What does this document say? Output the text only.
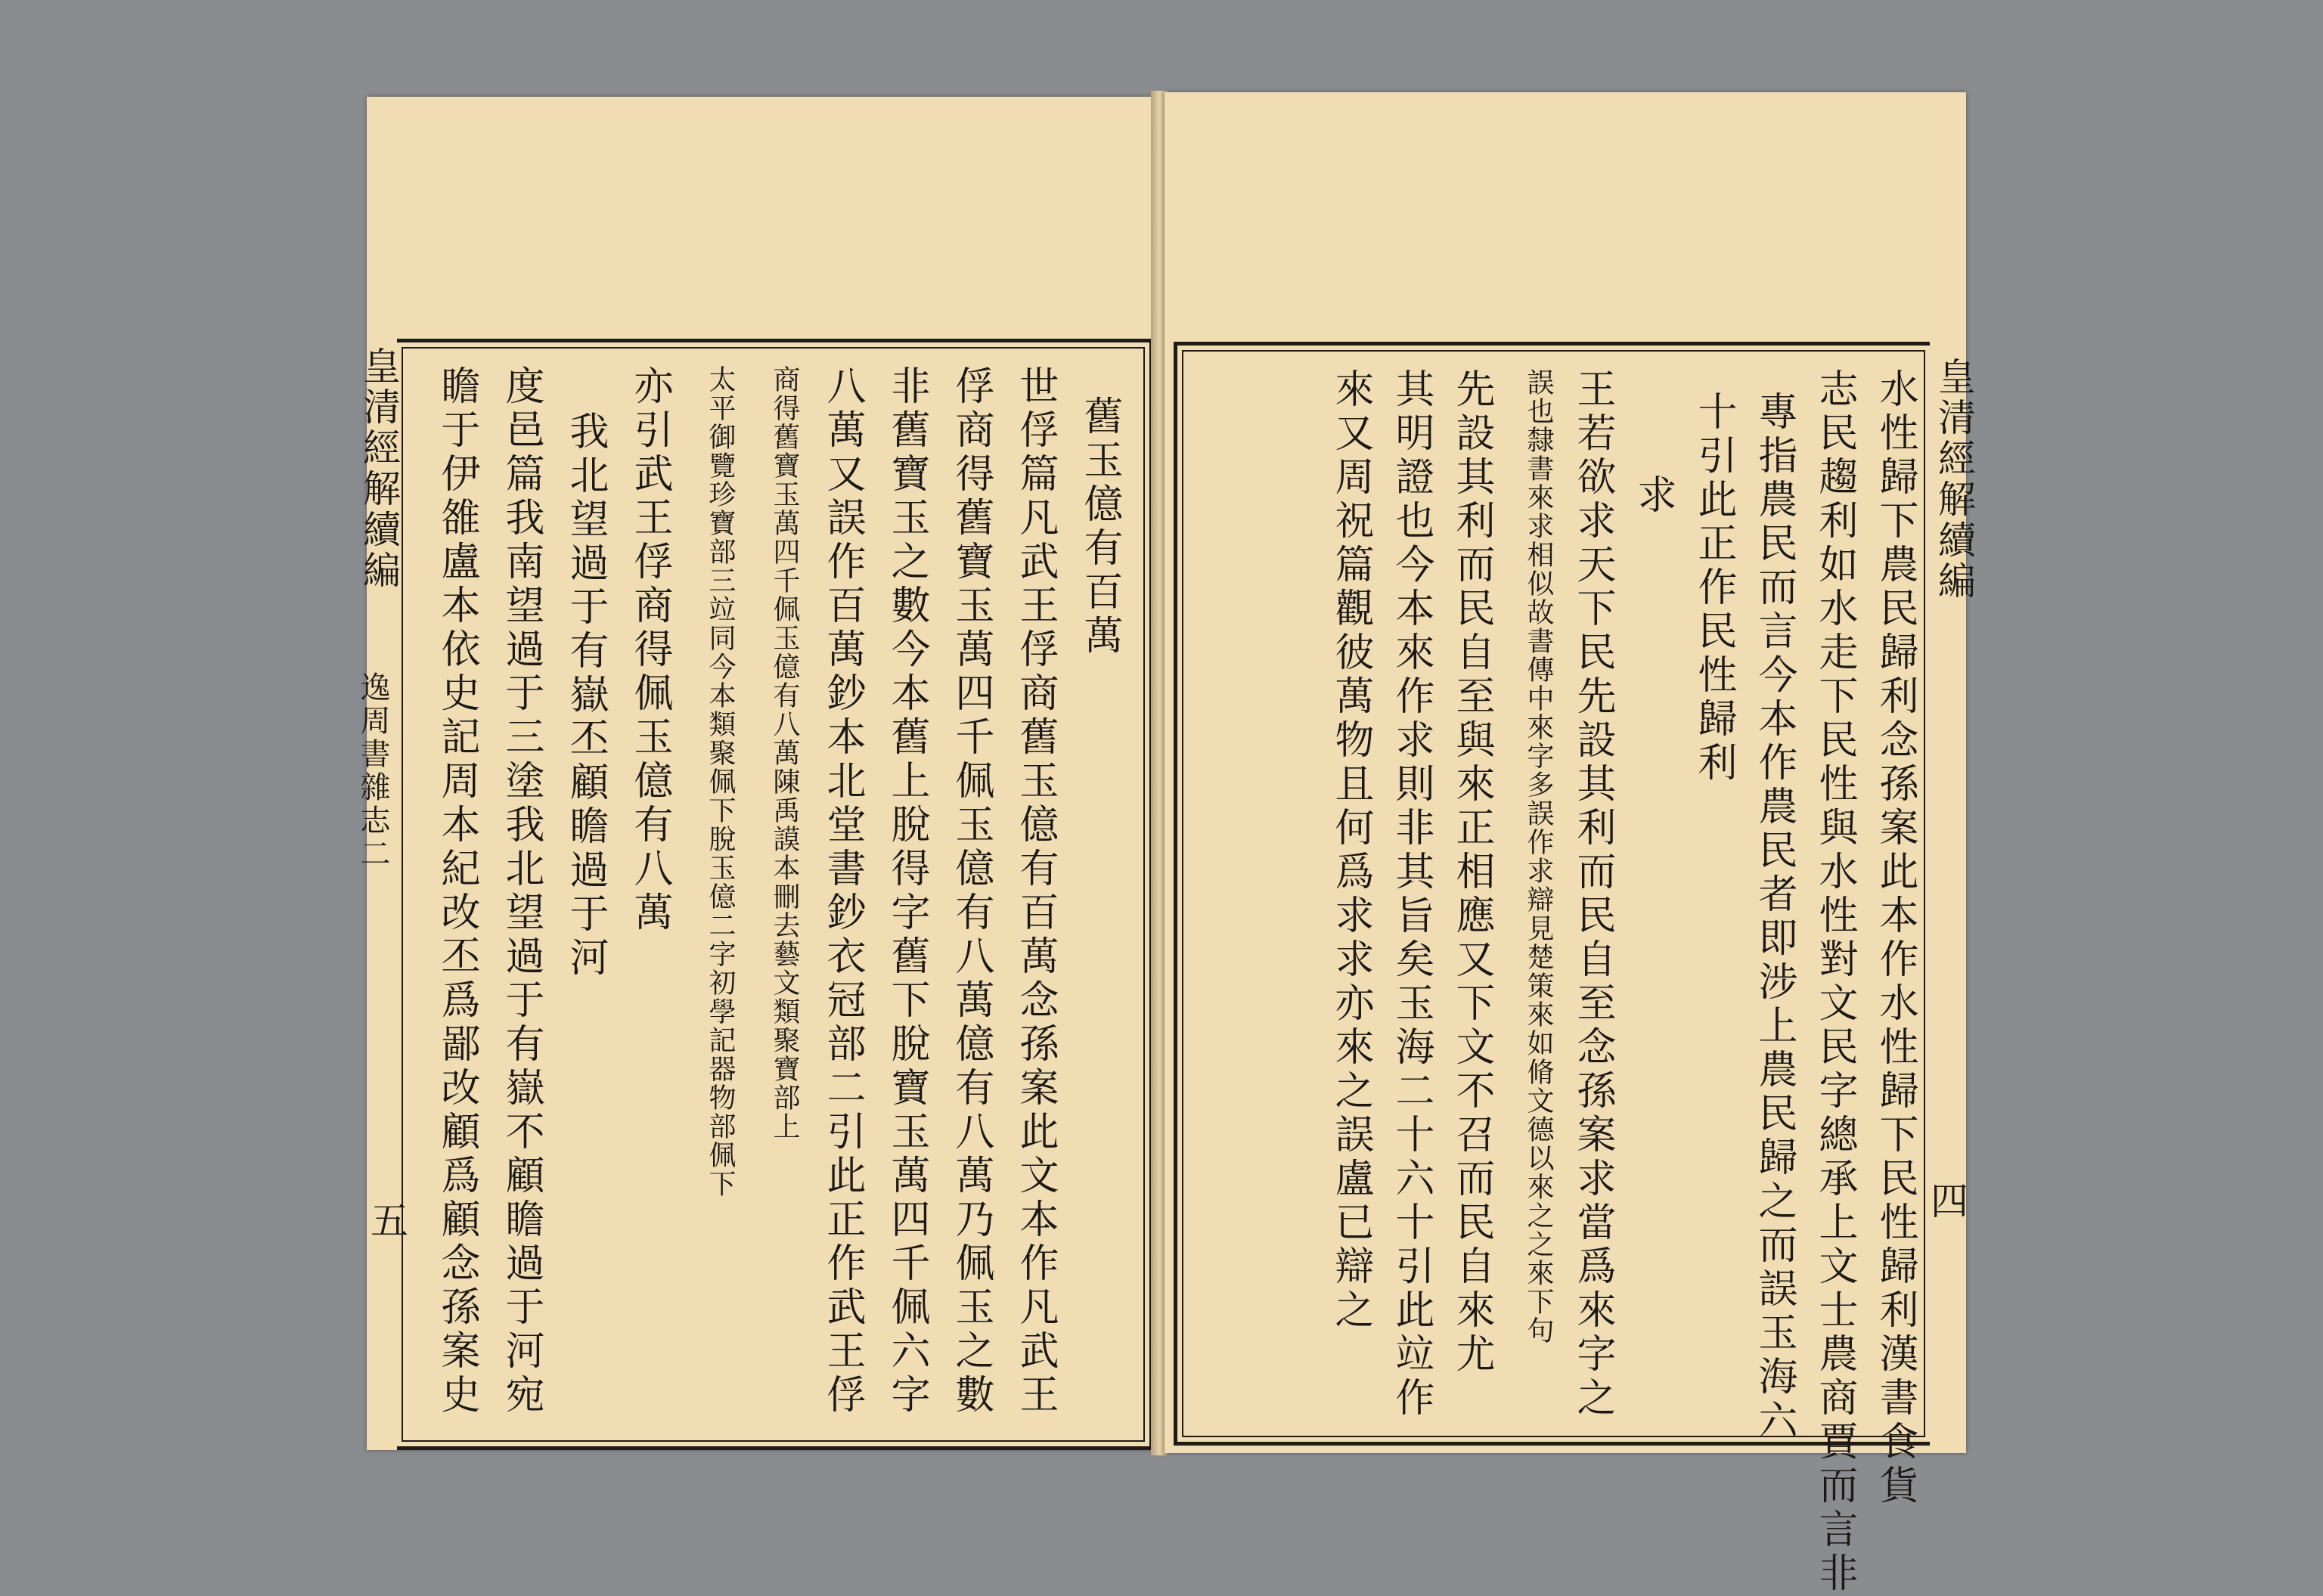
舊玉億有百萬
世俘篇凡武王俘商舊玉億有百萬念孫案此文本作凡武王
俘商得舊寶玉萬四千佩玉億有八萬億有八萬乃佩玉之數
非舊寶玉之數今本舊上脫得字舊下脫寶玉萬四千佩六字
八萬又誤作百萬鈔本北堂書鈔衣冠部二引此正作武王俘
商得舊寶玉萬四千佩玉億有八萬陳禹謨本刪去藝文類聚寶部上
太平御覽珍寶部三竝同今本類聚佩下脫玉億二字初學記器物部佩下
亦引武王俘商得佩玉億有八萬
我北望過于有嶽丕顧瞻過于河
度邑篇我南望過于三塗我北望過于有嶽不顧瞻過于河宛
瞻于伊雒盧本依史記周本紀改丕爲鄙改顧爲顧念孫案史
皇清經解續編
逸周書雜志二
五	水性歸下農民歸利念孫案此本作水性歸下民性歸利漢書食貨
志民趨利如水走下民性與水性對文民字總承上文士農商賈而言非
專指農民而言今本作農民者即涉上農民歸之而誤玉海六
十引此正作民性歸利
求
王若欲求天下民先設其利而民自至念孫案求當爲來字之
誤也隸書來求相似故書傳中來字多誤作求辯見楚策來如脩文德以來之之來下句
先設其利而民自至與來正相應又下文不召而民自來尤
其明證也今本來作求則非其旨矣玉海二十六十引此竝作
來又周祝篇觀彼萬物且何爲求求亦來之誤盧已辯之	皇清經解續編
四
